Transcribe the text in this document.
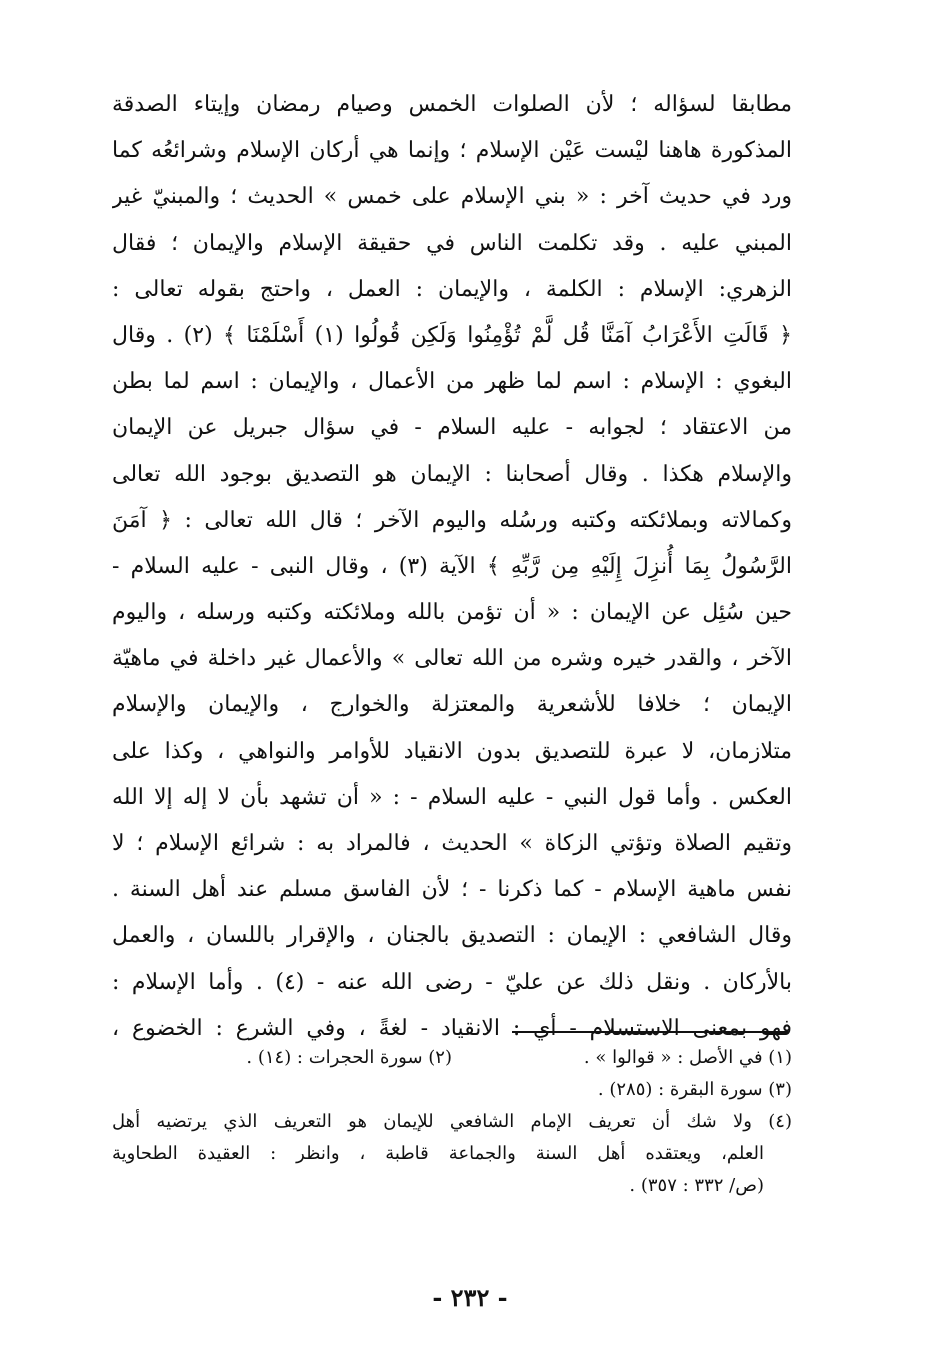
مطابقا لسؤاله ؛ لأن الصلوات الخمس وصيام رمضان وإيتاء الصدقة
المذكورة هاهنا ليْست عَيْن الإسلام ؛ وإنما هي أركان الإسلام وشرائعُه كما
ورد في حديث آخر : « بني الإسلام على خمس » الحديث ؛ والمبنيّ غير
المبني عليه . وقد تكلمت الناس في حقيقة الإسلام والإيمان ؛ فقال
الزهري: الإسلام : الكلمة ، والإيمان : العمل ، واحتج بقوله تعالى :
﴿ قَالَتِ الأَعْرَابُ آمَنَّا قُل لَّمْ تُؤْمِنُوا وَلَكِن قُولُوا (١) أَسْلَمْنَا ﴾ (٢) . وقال
البغوي : الإسلام : اسم لما ظهر من الأعمال ، والإيمان : اسم لما بطن
من الاعتقاد ؛ لجوابه - عليه السلام - في سؤال جبريل عن الإيمان
والإسلام هكذا . وقال أصحابنا : الإيمان هو التصديق بوجود الله تعالى
وكمالاته وبملائكته وكتبه ورسُله واليوم الآخر ؛ قال الله تعالى : ﴿ آمَنَ
الرَّسُولُ بِمَا أُنزِلَ إِلَيْهِ مِن رَّبِّهِ ﴾ الآية (٣) ، وقال النبى - عليه السلام -
حين سُئِل عن الإيمان : « أن تؤمن بالله وملائكته وكتبه ورسله ، واليوم
الآخر ، والقدر خيره وشره من الله تعالى » والأعمال غير داخلة في ماهيّة
الإيمان ؛ خلافا للأشعرية والمعتزلة والخوارج ، والإيمان والإسلام
متلازمان، لا عبرة للتصديق بدون الانقياد للأوامر والنواهي ، وكذا على
العكس . وأما قول النبي - عليه السلام - : « أن تشهد بأن لا إله إلا الله
وتقيم الصلاة وتؤتي الزكاة » الحديث ، فالمراد به : شرائع الإسلام ؛ لا
نفس ماهية الإسلام - كما ذكرنا - ؛ لأن الفاسق مسلم عند أهل السنة .
وقال الشافعي : الإيمان : التصديق بالجنان ، والإقرار باللسان ، والعمل
بالأركان . ونقل ذلك عن عليّ - رضى الله عنه - (٤) . وأما الإسلام :
فهو بمعنى الاستسلام - أي : الانقياد - لغةً ، وفي الشرع : الخضوع ،
(١) في الأصل : « قوالوا » .
(٢) سورة الحجرات : (١٤) .
(٣) سورة البقرة : (٢٨٥) .
(٤) ولا شك أن تعريف الإمام الشافعي للإيمان هو التعريف الذي يرتضيه أهل
العلم، ويعتقده أهل السنة والجماعة قاطبة ، وانظر : العقيدة الطحاوية
(ص/ ٣٣٢ : ٣٥٧) .
- ٢٣٢ -
